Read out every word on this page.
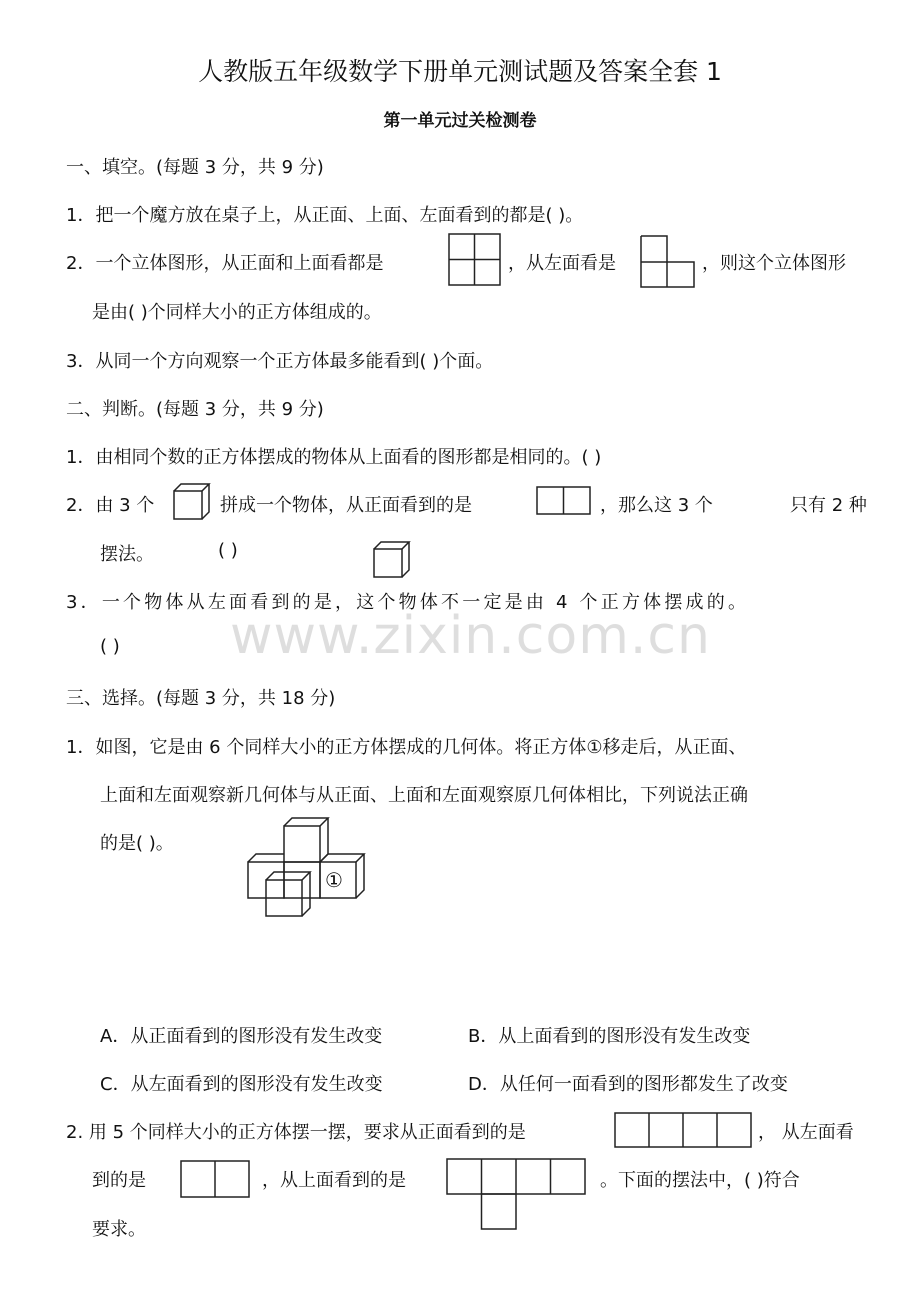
人教版五年级数学下册单元测试题及答案全套 1
第一单元过关检测卷
一、填空。(每题 3 分，共 9 分)
1．把一个魔方放在桌子上，从正面、上面、左面看到的都是( )。
2．一个立体图形，从正面和上面看都是	，从左面看是	，则这个立体图形
是由( )个同样大小的正方体组成的。
3．从同一个方向观察一个正方体最多能看到( )个面。
二、判断。(每题 3 分，共 9 分)
1．由相同个数的正方体摆成的物体从上面看的图形都是相同的。( )
2．由 3 个	拼成一个物体，从正面看到的是	，那么这 3 个	只有 2 种
摆法。	( )
3．一个物体从左面看到的是，这个物体不一定是由 4 个正方体摆成的。
( ) www.zixin.com.cn
三、选择。(每题 3 分，共 18 分)
1．如图，它是由 6 个同样大小的正方体摆成的几何体。将正方体①移走后，从正面、
上面和左面观察新几何体与从正面、上面和左面观察原几何体相比，下列说法正确
的是( )。
①
A．从正面看到的图形没有发生改变	B．从上面看到的图形没有发生改变
C．从左面看到的图形没有发生改变	D．从任何一面看到的图形都发生了改变
2. 用 5 个同样大小的正方体摆一摆，要求从正面看到的是	， 从左面看
到的是	，从上面看到的是	。下面的摆法中，( )符合
要求。
